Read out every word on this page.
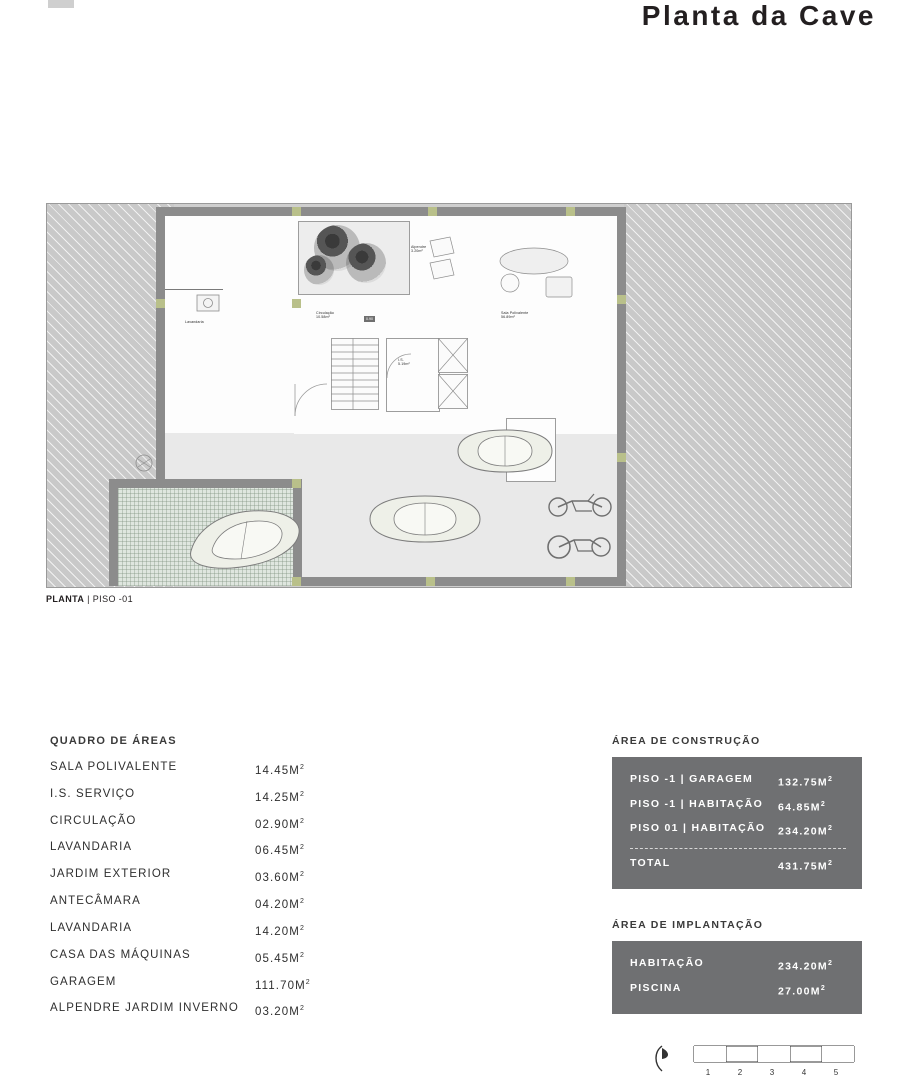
Planta da Cave
Alpendre
3.20m²
Sala Polivalente
56.89m²
Circulação
10.58m²	0.90
Lavandaria
I.S.
5.19m²

PLANTA | PISO -01
QUADRO DE ÁREAS
SALA POLIVALENTE	$14.45M^2$
I.S. SERVIÇO	$14.25M^2$
CIRCULAÇÃO	$02.90M^2$
LAVANDARIA	$06.45M^2$
JARDIM EXTERIOR	$03.60M^2$
ANTECÂMARA	$04.20M^2$
LAVANDARIA	$14.20M^2$
CASA DAS MÁQUINAS	$05.45M^2$
GARAGEM	$111.70M^2$
ALPENDRE JARDIM INVERNO	$03.20M^2$
ÁREA DE CONSTRUÇÃO
PISO -1 | GARAGEM	$132.75M^2$
PISO -1 | HABITAÇÃO	$64.85M^2$
PISO 01 | HABITAÇÃO	$234.20M^2$
TOTAL	$431.75M^2$
ÁREA DE IMPLANTAÇÃO
HABITAÇÃO	$234.20M^2$
PISCINA	$27.00M^2$
1	2	3	4	5
